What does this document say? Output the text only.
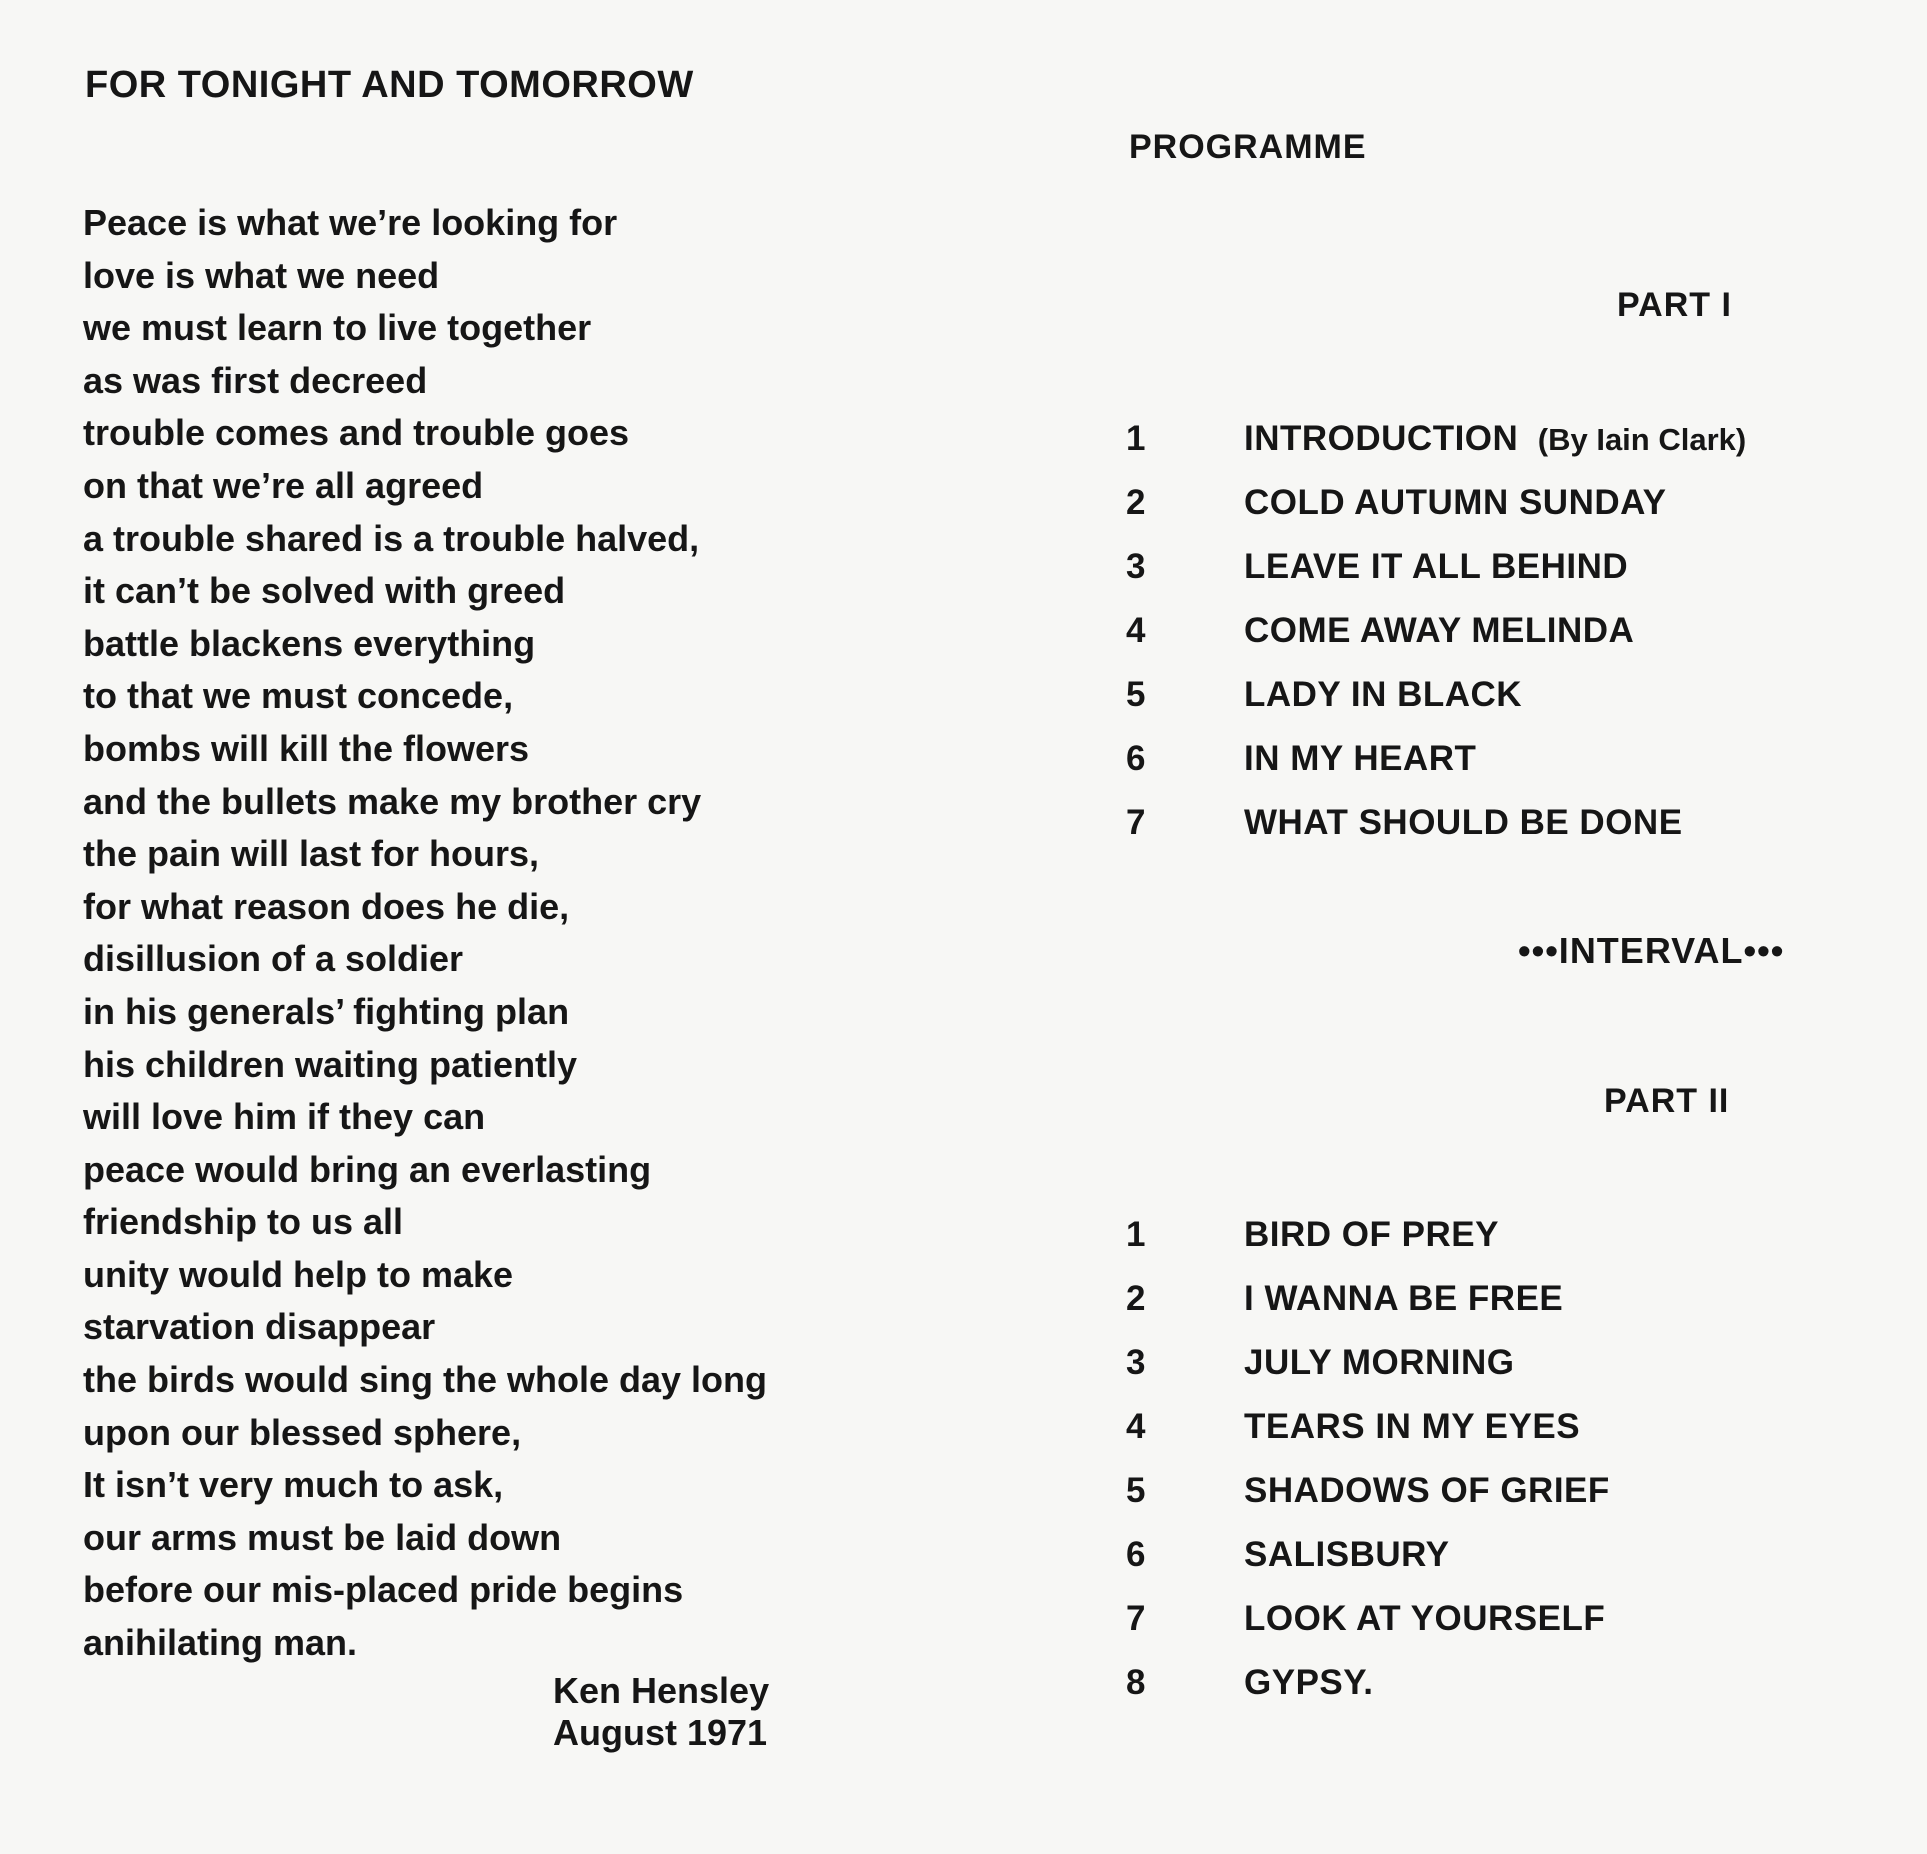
FOR TONIGHT AND TOMORROW
Peace is what we’re looking for
love is what we need
we must learn to live together
as was first decreed
trouble comes and trouble goes
on that we’re all agreed
a trouble shared is a trouble halved,
it can’t be solved with greed
battle blackens everything
to that we must concede,
bombs will kill the flowers
and the bullets make my brother cry
the pain will last for hours,
for what reason does he die,
disillusion of a soldier
in his generals’ fighting plan
his children waiting patiently
will love him if they can
peace would bring an everlasting
friendship to us all
unity would help to make
starvation disappear
the birds would sing the whole day long
upon our blessed sphere,
It isn’t very much to ask,
our arms must be laid down
before our mis-placed pride begins
anihilating man.
Ken Hensley
August 1971
PROGRAMME
PART I
1	INTRODUCTION (By Iain Clark)
2	COLD AUTUMN SUNDAY
3	LEAVE IT ALL BEHIND
4	COME AWAY MELINDA
5	LADY IN BLACK
6	IN MY HEART
7	WHAT SHOULD BE DONE
•••INTERVAL•••
PART II
1	BIRD OF PREY
2	I WANNA BE FREE
3	JULY MORNING
4	TEARS IN MY EYES
5	SHADOWS OF GRIEF
6	SALISBURY
7	LOOK AT YOURSELF
8	GYPSY.
